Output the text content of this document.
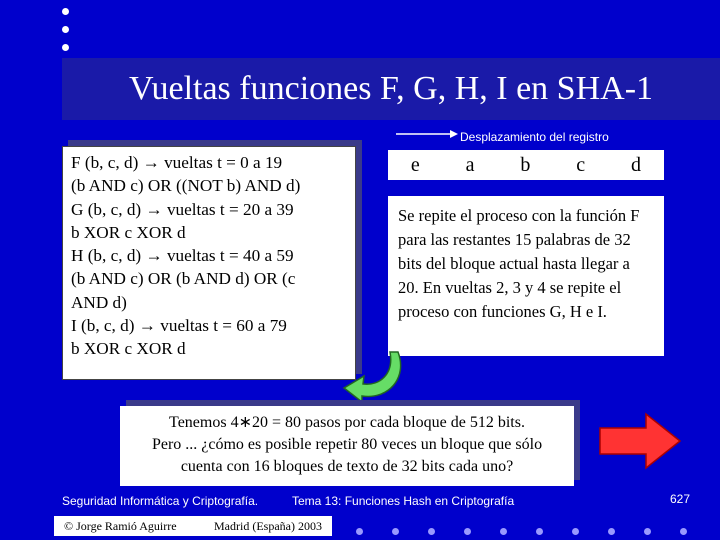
Vueltas funciones F, G, H, I en SHA-1
F (b, c, d) → vueltas t = 0 a 19
(b AND c) OR ((NOT b) AND d)
G (b, c, d) → vueltas t = 20 a 39
b XOR c XOR d
H (b, c, d) → vueltas t = 40 a 59
(b AND c) OR (b AND d) OR (c
AND d)
I (b, c, d) → vueltas t = 60 a 79
b XOR c XOR d
Desplazamiento del registro
e a b c d
Se repite el proceso con la función F para las restantes 15 palabras de 32 bits del bloque actual hasta llegar a 20. En vueltas 2, 3 y 4 se repite el proceso con funciones G, H e I.
Tenemos 4∗20 = 80 pasos por cada bloque de 512 bits.
Pero ... ¿cómo es posible repetir 80 veces un bloque que sólo
cuenta con 16 bloques de texto de 32 bits cada uno?
Seguridad Informática y Criptografía.	Tema 13: Funciones Hash en Criptografía	627
© Jorge Ramió Aguirre	Madrid (España) 2003
